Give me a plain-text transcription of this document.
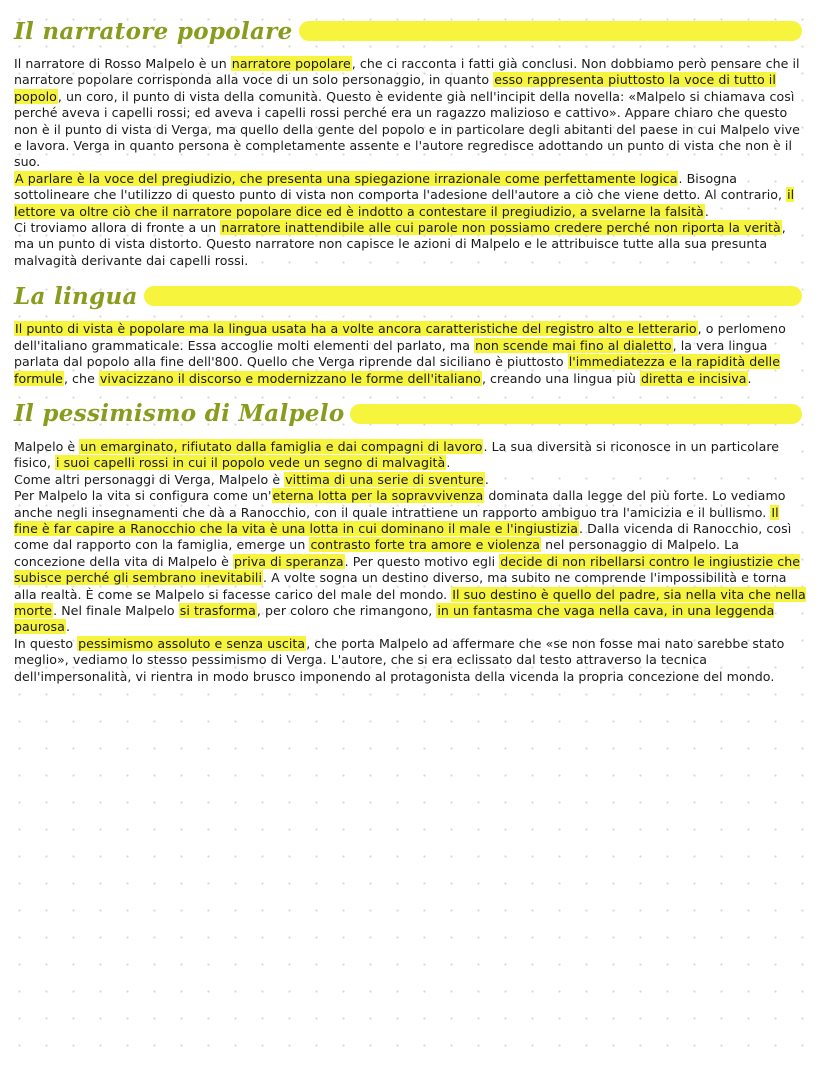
Il narratore popolare

Il narratore di Rosso Malpelo è un narratore popolare, che ci racconta i fatti già conclusi. Non dobbiamo però pensare che il narratore popolare corrisponda alla voce di un solo personaggio, in quanto esso rappresenta piuttosto la voce di tutto il popolo, un coro, il punto di vista della comunità. Questo è evidente già nell'incipit della novella: «Malpelo si chiamava così perché aveva i capelli rossi; ed aveva i capelli rossi perché era un ragazzo malizioso e cattivo». Appare chiaro che questo non è il punto di vista di Verga, ma quello della gente del popolo e in particolare degli abitanti del paese in cui Malpelo vive e lavora. Verga in quanto persona è completamente assente e l'autore regredisce adottando un punto di vista che non è il suo.

A parlare è la voce del pregiudizio, che presenta una spiegazione irrazionale come perfettamente logica. Bisogna sottolineare che l'utilizzo di questo punto di vista non comporta l'adesione dell'autore a ciò che viene detto. Al contrario, il lettore va oltre ciò che il narratore popolare dice ed è indotto a contestare il pregiudizio, a svelarne la falsità.

Ci troviamo allora di fronte a un narratore inattendibile alle cui parole non possiamo credere perché non riporta la verità, ma un punto di vista distorto. Questo narratore non capisce le azioni di Malpelo e le attribuisce tutte alla sua presunta malvagità derivante dai capelli rossi.

La lingua

Il punto di vista è popolare ma la lingua usata ha a volte ancora caratteristiche del registro alto e letterario, o perlomeno dell'italiano grammaticale. Essa accoglie molti elementi del parlato, ma non scende mai fino al dialetto, la vera lingua parlata dal popolo alla fine dell'800. Quello che Verga riprende dal siciliano è piuttosto l'immediatezza e la rapidità delle formule, che vivacizzano il discorso e modernizzano le forme dell'italiano, creando una lingua più diretta e incisiva.

Il pessimismo di Malpelo

Malpelo è un emarginato, rifiutato dalla famiglia e dai compagni di lavoro. La sua diversità si riconosce in un particolare fisico, i suoi capelli rossi in cui il popolo vede un segno di malvagità.

Come altri personaggi di Verga, Malpelo è vittima di una serie di sventure.

Per Malpelo la vita si configura come un'eterna lotta per la sopravvivenza dominata dalla legge del più forte. Lo vediamo anche negli insegnamenti che dà a Ranocchio, con il quale intrattiene un rapporto ambiguo tra l'amicizia e il bullismo. Il fine è far capire a Ranocchio che la vita è una lotta in cui dominano il male e l'ingiustizia. Dalla vicenda di Ranocchio, così come dal rapporto con la famiglia, emerge un contrasto forte tra amore e violenza nel personaggio di Malpelo. La concezione della vita di Malpelo è priva di speranza. Per questo motivo egli decide di non ribellarsi contro le ingiustizie che subisce perché gli sembrano inevitabili. A volte sogna un destino diverso, ma subito ne comprende l'impossibilità e torna alla realtà. È come se Malpelo si facesse carico del male del mondo. Il suo destino è quello del padre, sia nella vita che nella morte. Nel finale Malpelo si trasforma, per coloro che rimangono, in un fantasma che vaga nella cava, in una leggenda paurosa.

In questo pessimismo assoluto e senza uscita, che porta Malpelo ad affermare che «se non fosse mai nato sarebbe stato meglio», vediamo lo stesso pessimismo di Verga. L'autore, che si era eclissato dal testo attraverso la tecnica dell'impersonalità, vi rientra in modo brusco imponendo al protagonista della vicenda la propria concezione del mondo.
